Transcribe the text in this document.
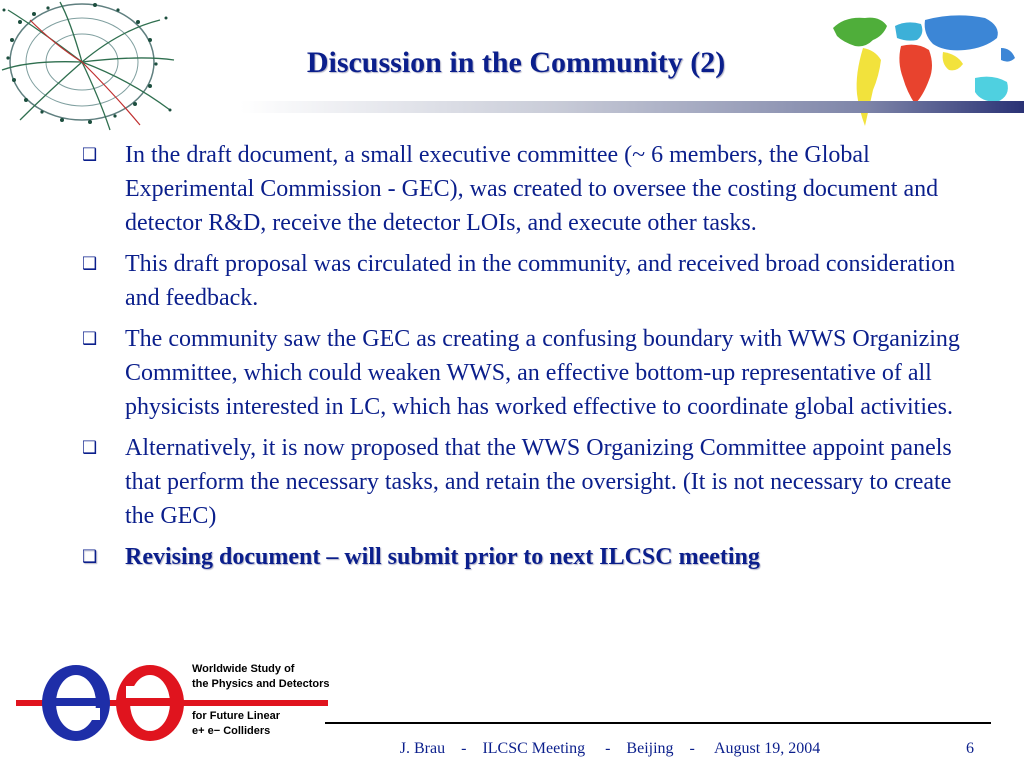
Discussion in the Community (2)
❑ In the draft document, a small executive committee (~ 6 members, the Global Experimental Commission - GEC), was created to oversee the costing document and detector R&D, receive the detector LOIs, and execute other tasks.
❑ This draft proposal was circulated in the community, and received broad consideration and feedback.
❑ The community saw the GEC as creating a confusing boundary with WWS Organizing Committee, which could weaken WWS, an effective bottom-up representative of all physicists interested in LC, which has worked effective to coordinate global activities.
❑ Alternatively, it is now proposed that the WWS Organizing Committee appoint panels that perform the necessary tasks, and retain the oversight. (It is not necessary to create the GEC)
❑ Revising document – will submit prior to next ILCSC meeting
−
+
Worldwide Study of
the Physics and Detectors
for Future Linear
e+ e− Colliders
J. Brau    -    ILCSC Meeting     -    Beijing    -     August 19, 2004	6
